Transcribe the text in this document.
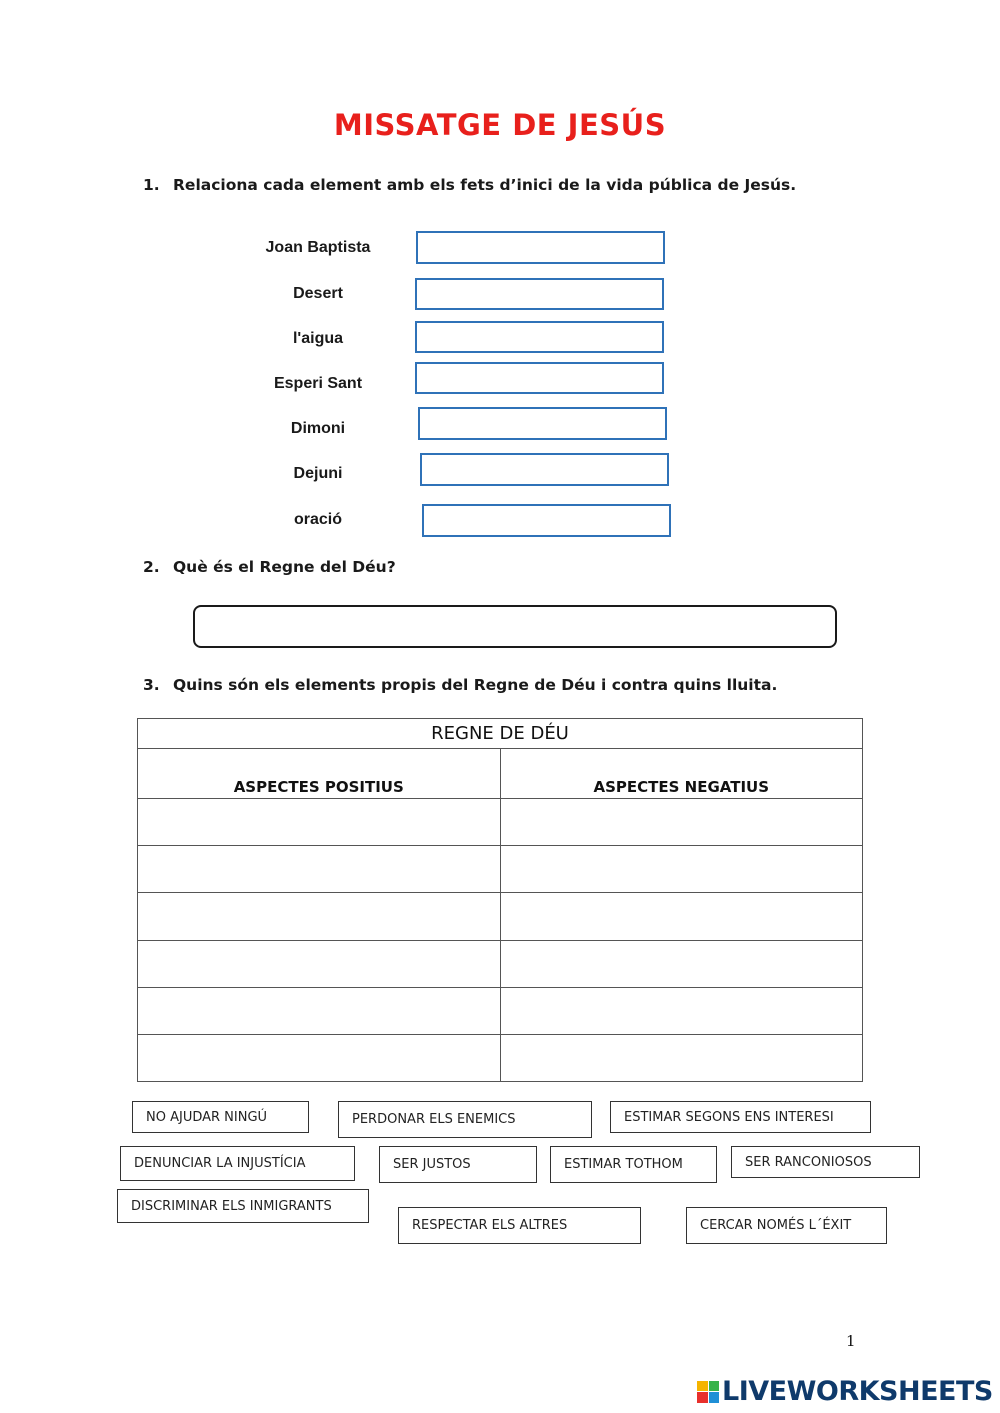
MISSATGE DE JESÚS
1. Relaciona cada element amb els fets d’inici de la vida pública de Jesús.
Joan Baptista
Desert
l'aigua
Esperi Sant
Dimoni
Dejuni
oració
2. Què és el Regne del Déu?
3. Quins són els elements propis del Regne de Déu i contra quins lluita.
REGNE DE DÉU	
ASPECTES POSITIUS	ASPECTES NEGATIUS

NO AJUDAR NINGÚ	PERDONAR ELS ENEMICS	ESTIMAR SEGONS ENS INTERESI
DENUNCIAR LA INJUSTÍCIA	SER JUSTOS	ESTIMAR TOTHOM	SER RANCONIOSOS
DISCRIMINAR ELS INMIGRANTS
RESPECTAR ELS ALTRES	CERCAR NOMÉS L´ÉXIT
1
LIVEWORKSHEETS
